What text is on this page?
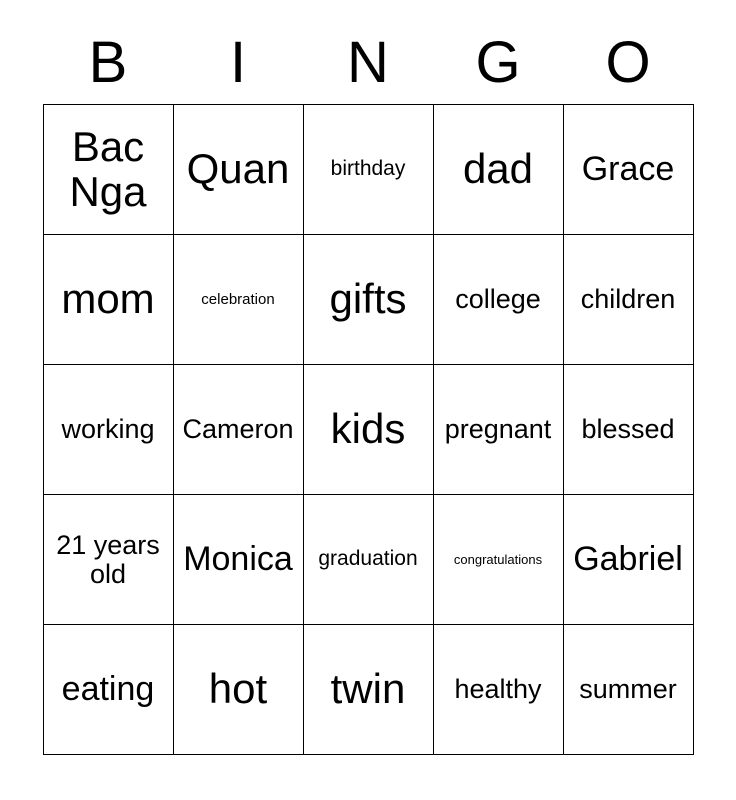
B	I	N	G	O
Bac Nga	Quan	birthday	dad	Grace
mom	celebration	gifts	college	children
working	Cameron	kids	pregnant	blessed
21 years old	Monica	graduation	congratulations	Gabriel
eating	hot	twin	healthy	summer
